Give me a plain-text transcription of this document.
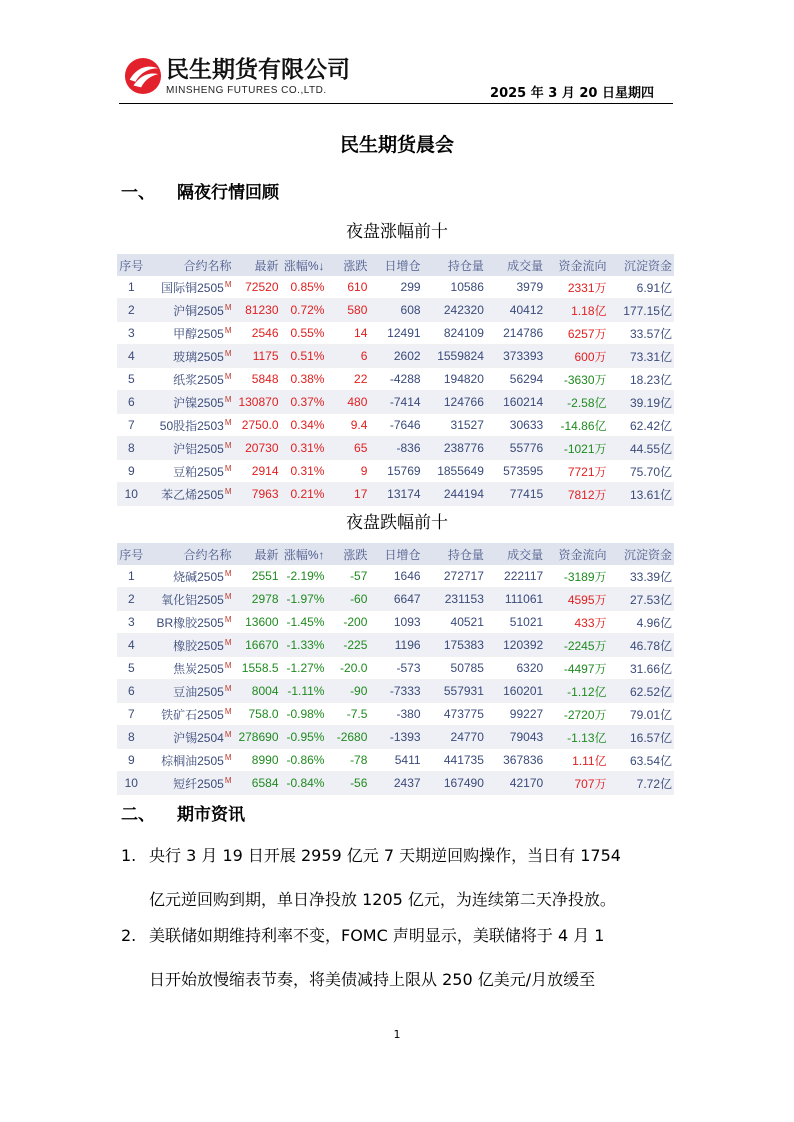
民生期货有限公司
MINSHENG FUTURES CO.,LTD.	2025 年 3 月 20 日星期四
民生期货晨会
一、 隔夜行情回顾
夜盘涨幅前十
序号	合约名称	最新	涨幅%↓	涨跌	日增仓	持仓量	成交量	资金流向	沉淀资金
1	国际铜$2505^M$	72520	0.85%	610	299	10586	3979	2331万	6.91亿
2	沪铜$2505^M$	81230	0.72%	580	608	242320	40412	1.18亿	177.15亿
3	甲醇$2505^M$	2546	0.55%	14	12491	824109	214786	6257万	33.57亿
4	玻璃$2505^M$	1175	0.51%	6	2602	1559824	373393	600万	73.31亿
5	纸浆$2505^M$	5848	0.38%	22	-4288	194820	56294	-3630万	18.23亿
6	沪镍$2505^M$	130870	0.37%	480	-7414	124766	160214	-2.58亿	39.19亿
7	50股指$2503^M$	2750.0	0.34%	9.4	-7646	31527	30633	-14.86亿	62.42亿
8	沪铝$2505^M$	20730	0.31%	65	-836	238776	55776	-1021万	44.55亿
9	豆粕$2505^M$	2914	0.31%	9	15769	1855649	573595	7721万	75.70亿
10	苯乙烯$2505^M$	7963	0.21%	17	13174	244194	77415	7812万	13.61亿
夜盘跌幅前十
序号	合约名称	最新	涨幅%↑	涨跌	日增仓	持仓量	成交量	资金流向	沉淀资金
1	烧碱$2505^M$	2551	-2.19%	-57	1646	272717	222117	-3189万	33.39亿
2	氧化铝$2505^M$	2978	-1.97%	-60	6647	231153	111061	4595万	27.53亿
3	BR橡胶$2505^M$	13600	-1.45%	-200	1093	40521	51021	433万	4.96亿
4	橡胶$2505^M$	16670	-1.33%	-225	1196	175383	120392	-2245万	46.78亿
5	焦炭$2505^M$	1558.5	-1.27%	-20.0	-573	50785	6320	-4497万	31.66亿
6	豆油$2505^M$	8004	-1.11%	-90	-7333	557931	160201	-1.12亿	62.52亿
7	铁矿石$2505^M$	758.0	-0.98%	-7.5	-380	473775	99227	-2720万	79.01亿
8	沪锡$2504^M$	278690	-0.95%	-2680	-1393	24770	79043	-1.13亿	16.57亿
9	棕榈油$2505^M$	8990	-0.86%	-78	5411	441735	367836	1.11亿	63.54亿
10	短纤$2505^M$	6584	-0.84%	-56	2437	167490	42170	707万	7.72亿
二、 期市资讯
1. 央行 3 月 19 日开展 2959 亿元 7 天期逆回购操作，当日有 1754
亿元逆回购到期，单日净投放 1205 亿元，为连续第二天净投放。
2. 美联储如期维持利率不变，FOMC 声明显示，美联储将于 4 月 1
日开始放慢缩表节奏，将美债减持上限从 250 亿美元/月放缓至
1
